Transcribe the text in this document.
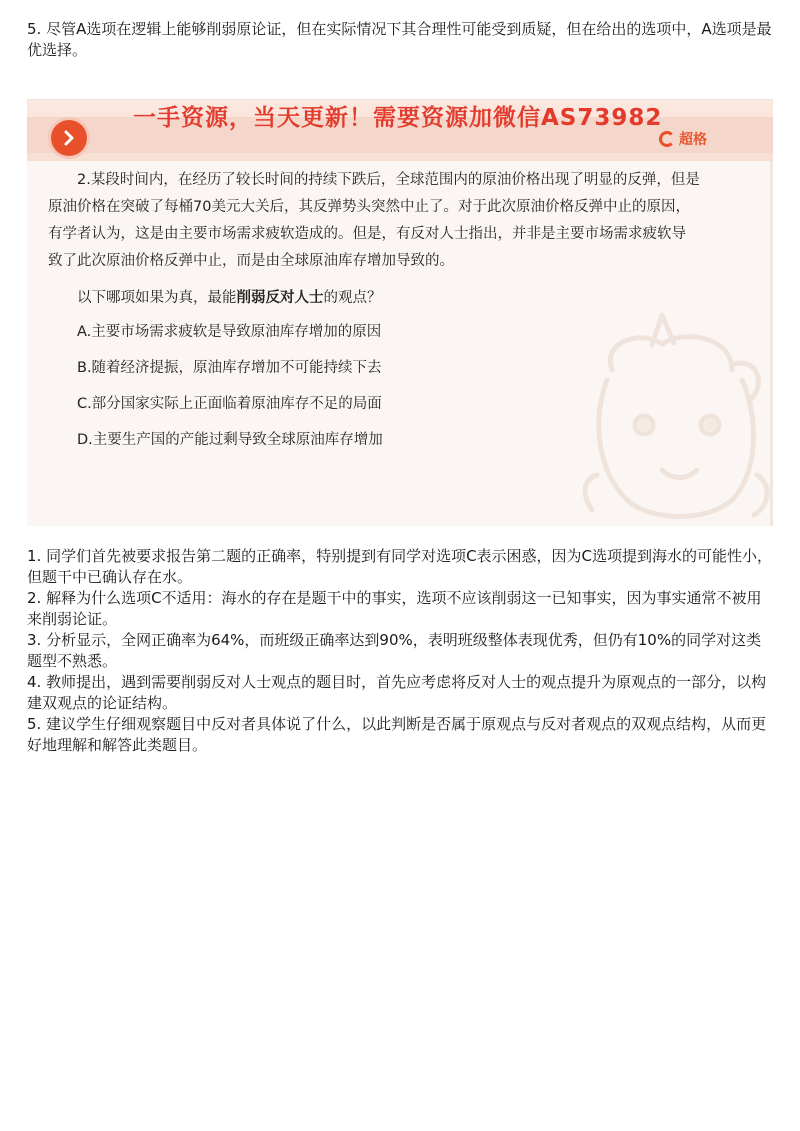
5. 尽管A选项在逻辑上能够削弱原论证，但在实际情况下其合理性可能受到质疑，但在给出的选项中，A选项是最优选择。

一手资源，当天更新！需要资源加微信AS73982
超格

2.某段时间内，在经历了较长时间的持续下跌后，全球范围内的原油价格出现了明显的反弹，但是

原油价格在突破了每桶70美元大关后，其反弹势头突然中止了。对于此次原油价格反弹中止的原因，

有学者认为，这是由主要市场需求疲软造成的。但是，有反对人士指出，并非是主要市场需求疲软导

致了此次原油价格反弹中止，而是由全球原油库存增加导致的。

以下哪项如果为真，最能削弱反对人士的观点？

A.主要市场需求疲软是导致原油库存增加的原因

B.随着经济提振，原油库存增加不可能持续下去

C.部分国家实际上正面临着原油库存不足的局面

D.主要生产国的产能过剩导致全球原油库存增加

1. 同学们首先被要求报告第二题的正确率，特别提到有同学对选项C表示困惑，因为C选项提到海水的可能性小，但题干中已确认存在水。
2. 解释为什么选项C不适用：海水的存在是题干中的事实，选项不应该削弱这一已知事实，因为事实通常不被用来削弱论证。
3. 分析显示，全网正确率为64%，而班级正确率达到90%，表明班级整体表现优秀，但仍有10%的同学对这类题型不熟悉。
4. 教师提出，遇到需要削弱反对人士观点的题目时，首先应考虑将反对人士的观点提升为原观点的一部分，以构建双观点的论证结构。
5. 建议学生仔细观察题目中反对者具体说了什么，以此判断是否属于原观点与反对者观点的双观点结构，从而更好地理解和解答此类题目。
